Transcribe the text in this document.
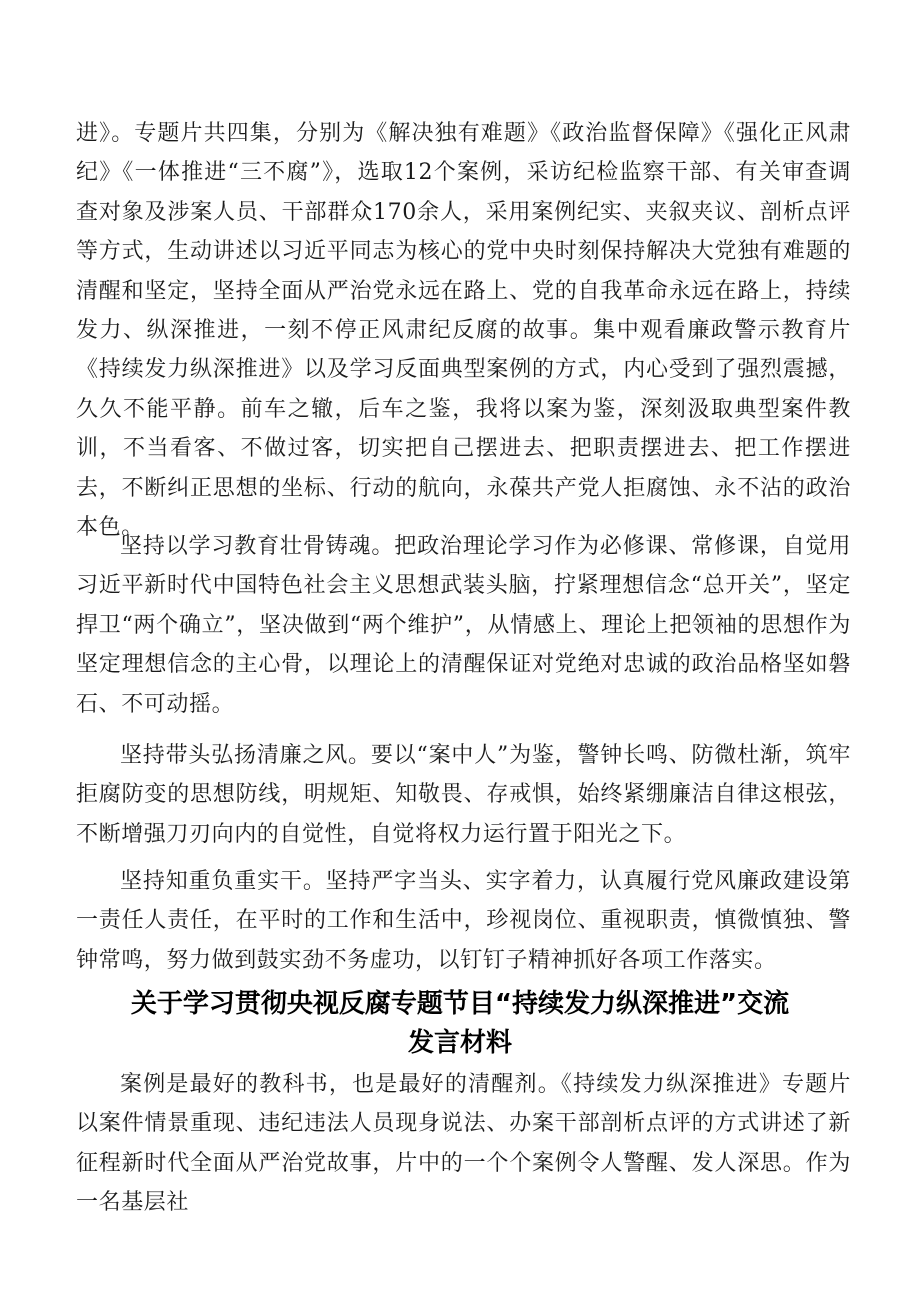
进》。专题片共四集，分别为《解决独有难题》《政治监督保障》《强化正风肃纪》《一体推进“三不腐”》，选取12个案例，采访纪检监察干部、有关审查调查对象及涉案人员、干部群众170余人，采用案例纪实、夹叙夹议、剖析点评等方式，生动讲述以习近平同志为核心的党中央时刻保持解决大党独有难题的清醒和坚定，坚持全面从严治党永远在路上、党的自我革命永远在路上，持续发力、纵深推进，一刻不停正风肃纪反腐的故事。集中观看廉政警示教育片《持续发力纵深推进》以及学习反面典型案例的方式，内心受到了强烈震撼，久久不能平静。前车之辙，后车之鉴，我将以案为鉴，深刻汲取典型案件教训，不当看客、不做过客，切实把自己摆进去、把职责摆进去、把工作摆进去，不断纠正思想的坐标、行动的航向，永葆共产党人拒腐蚀、永不沾的政治本色。

坚持以学习教育壮骨铸魂。把政治理论学习作为必修课、常修课，自觉用习近平新时代中国特色社会主义思想武装头脑，拧紧理想信念“总开关”，坚定捍卫“两个确立”，坚决做到“两个维护”，从情感上、理论上把领袖的思想作为坚定理想信念的主心骨，以理论上的清醒保证对党绝对忠诚的政治品格坚如磐石、不可动摇。

坚持带头弘扬清廉之风。要以“案中人”为鉴，警钟长鸣、防微杜渐，筑牢拒腐防变的思想防线，明规矩、知敬畏、存戒惧，始终紧绷廉洁自律这根弦，不断增强刀刃向内的自觉性，自觉将权力运行置于阳光之下。

坚持知重负重实干。坚持严字当头、实字着力，认真履行党风廉政建设第一责任人责任，在平时的工作和生活中，珍视岗位、重视职责，慎微慎独、警钟常鸣，努力做到鼓实劲不务虚功，以钉钉子精神抓好各项工作落实。

关于学习贯彻央视反腐专题节目“持续发力纵深推进”交流发言材料

案例是最好的教科书，也是最好的清醒剂。《持续发力纵深推进》专题片以案件情景重现、违纪违法人员现身说法、办案干部剖析点评的方式讲述了新征程新时代全面从严治党故事，片中的一个个案例令人警醒、发人深思。作为一名基层社
